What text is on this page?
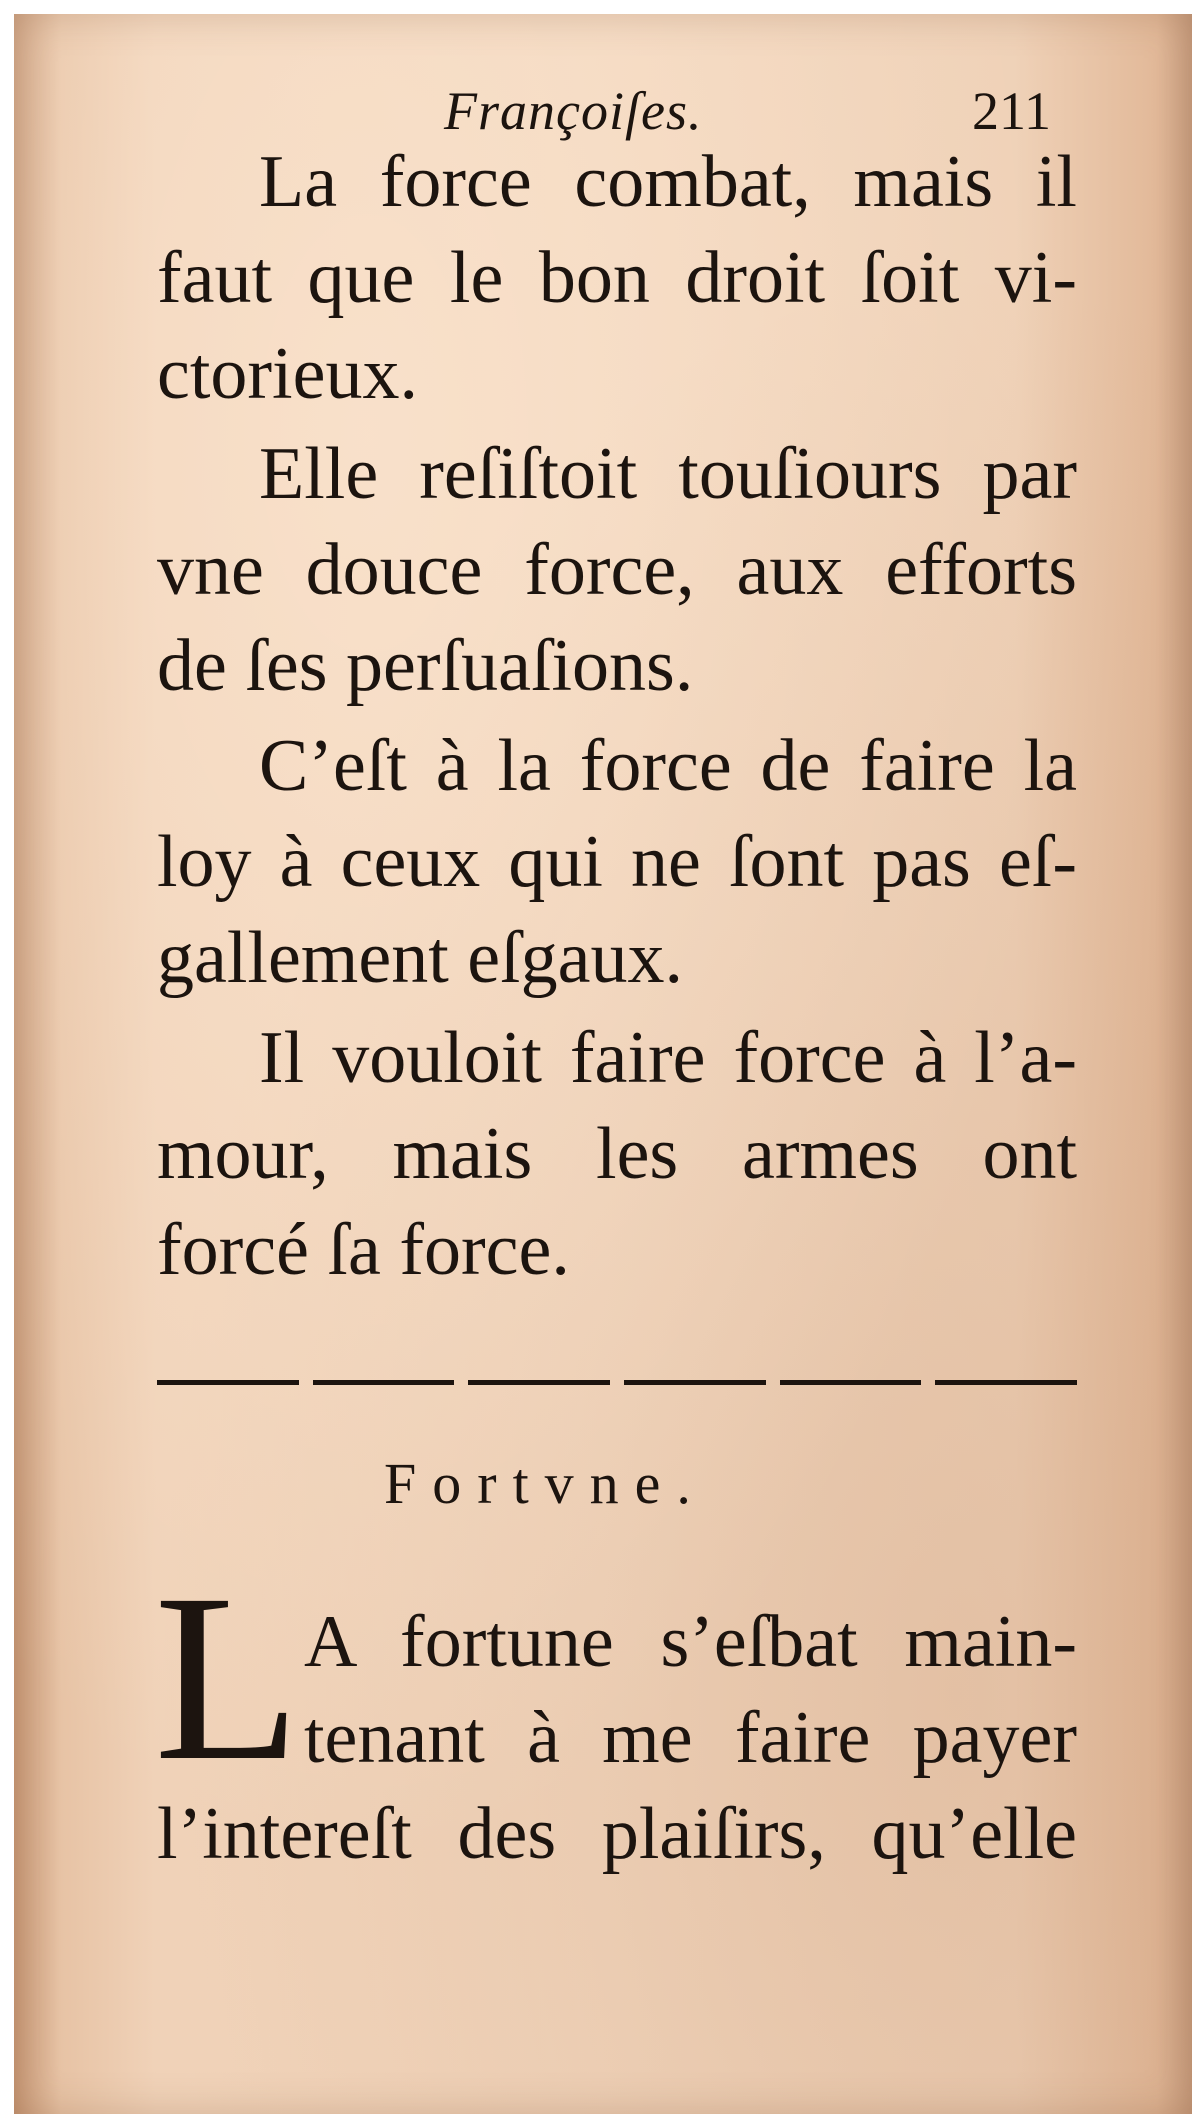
Françoiſes.	211
La force combat, mais il
faut que le bon droit ſoit vi-
ctorieux.
Elle reſiſtoit touſiours par
vne douce force, aux efforts
de ſes perſuaſions.
C’eſt à la force de faire la
loy à ceux qui ne ſont pas eſ-
gallement eſgaux.
Il vouloit faire force à l’a-
mour, mais les armes ont
forcé ſa force.
Fortvne.
L A fortune s’eſbat main-
tenant à me faire payer
l’intereſt des plaiſirs, qu’elle
